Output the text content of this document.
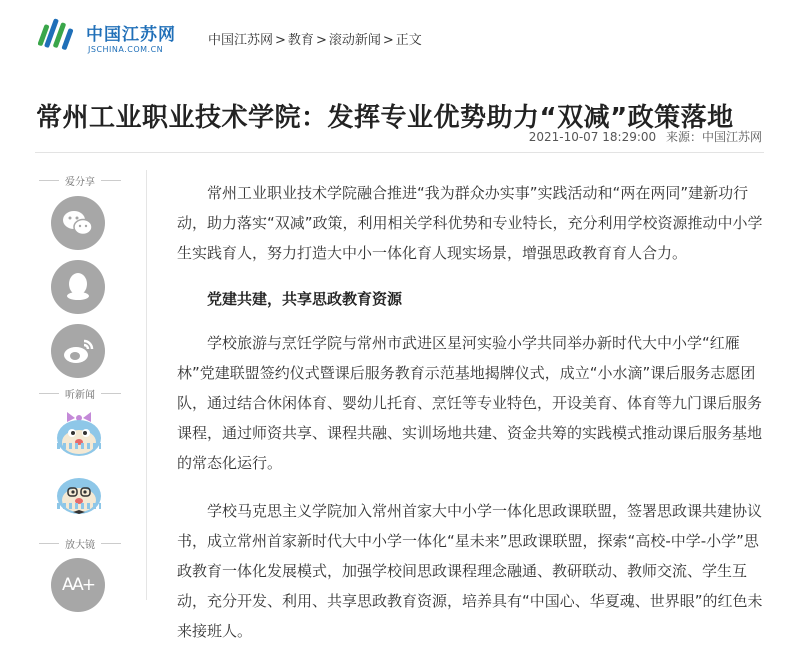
中国江苏网
JSCHINA.COM.CN
中国江苏网 > 教育 > 滚动新闻 > 正文
常州工业职业技术学院：发挥专业优势助力“双减”政策落地
2021-10-07 18:29:00 来源：中国江苏网
爱分享
听新闻
放大镜
AA+

常州工业职业技术学院融合推进“我为群众办实事”实践活动和“两在两同”建新功行动，助力落实“双减”政策，利用相关学科优势和专业特长，充分利用学校资源推动中小学生实践育人，努力打造大中小一体化育人现实场景，增强思政教育育人合力。

党建共建，共享思政教育资源

学校旅游与烹饪学院与常州市武进区星河实验小学共同举办新时代大中小学“红雁林”党建联盟签约仪式暨课后服务教育示范基地揭牌仪式，成立“小水滴”课后服务志愿团队，通过结合休闲体育、婴幼儿托育、烹饪等专业特色，开设美育、体育等九门课后服务课程，通过师资共享、课程共融、实训场地共建、资金共筹的实践模式推动课后服务基地的常态化运行。

学校马克思主义学院加入常州首家大中小学一体化思政课联盟，签署思政课共建协议书，成立常州首家新时代大中小学一体化“星未来”思政课联盟，探索“高校-中学-小学”思政教育一体化发展模式，加强学校间思政课程理念融通、教研联动、教师交流、学生互动，充分开发、利用、共享思政教育资源，培养具有“中国心、华夏魂、世界眼”的红色未来接班人。
